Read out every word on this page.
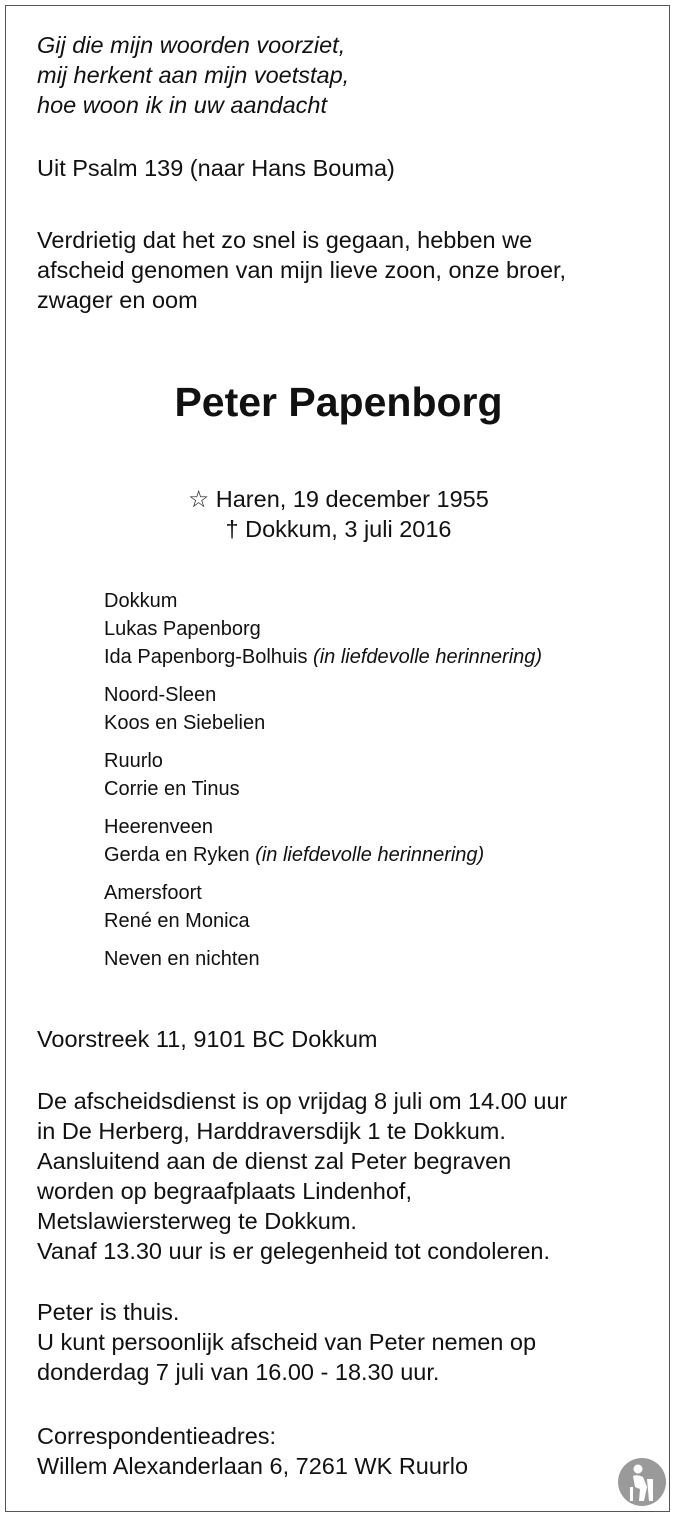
Gij die mijn woorden voorziet,
mij herkent aan mijn voetstap,
hoe woon ik in uw aandacht
Uit Psalm 139 (naar Hans Bouma)
Verdrietig dat het zo snel is gegaan, hebben we
afscheid genomen van mijn lieve zoon, onze broer,
zwager en oom
Peter Papenborg
☆ Haren, 19 december 1955
† Dokkum, 3 juli 2016
Dokkum
Lukas Papenborg
Ida Papenborg-Bolhuis (in liefdevolle herinnering)
Noord-Sleen
Koos en Siebelien
Ruurlo
Corrie en Tinus
Heerenveen
Gerda en Ryken (in liefdevolle herinnering)
Amersfoort
René en Monica
Neven en nichten
Voorstreek 11, 9101 BC Dokkum
De afscheidsdienst is op vrijdag 8 juli om 14.00 uur
in De Herberg, Harddraversdijk 1 te Dokkum.
Aansluitend aan de dienst zal Peter begraven
worden op begraafplaats Lindenhof,
Metslawiersterweg te Dokkum.
Vanaf 13.30 uur is er gelegenheid tot condoleren.
Peter is thuis.
U kunt persoonlijk afscheid van Peter nemen op
donderdag 7 juli van 16.00 - 18.30 uur.
Correspondentieadres:
Willem Alexanderlaan 6, 7261 WK Ruurlo
